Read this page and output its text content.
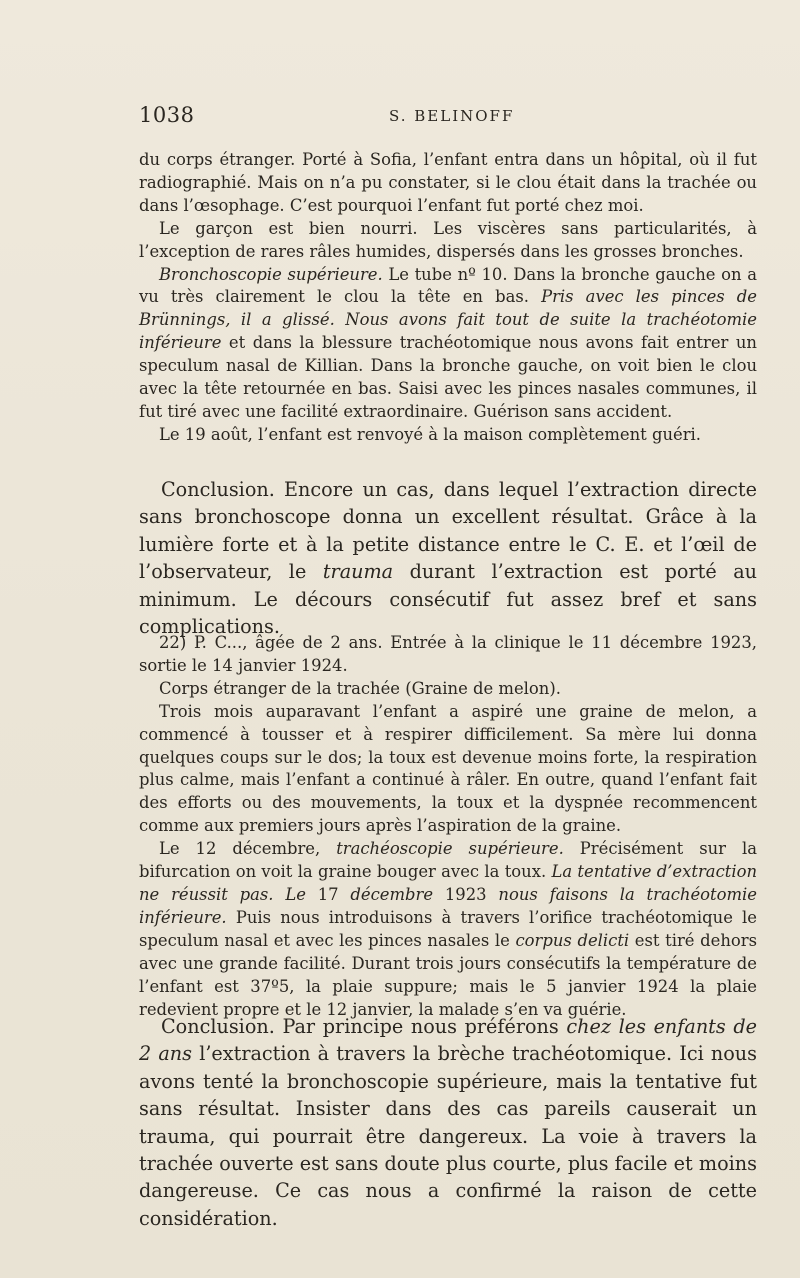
1038	S. BELINOFF

du corps étranger. Porté à Sofia, l’enfant entra dans un hôpital, où il fut radiographié. Mais on n’a pu constater, si le clou était dans la trachée ou dans l’œsophage. C’est pourquoi l’enfant fut porté chez moi.

Le garçon est bien nourri. Les viscères sans particularités, à l’exception de rares râles humides, dispersés dans les grosses bronches.

Bronchoscopie supérieure. Le tube nº 10. Dans la bronche gauche on a vu très clairement le clou la tête en bas. Pris avec les pinces de Brünnings, il a glissé. Nous avons fait tout de suite la trachéotomie inférieure et dans la blessure trachéotomique nous avons fait entrer un speculum nasal de Killian. Dans la bronche gauche, on voit bien le clou avec la tête retournée en bas. Saisi avec les pinces nasales communes, il fut tiré avec une facilité extraordinaire. Guérison sans accident.

Le 19 août, l’enfant est renvoyé à la maison complètement guéri.

Conclusion. Encore un cas, dans lequel l’extraction directe sans bronchoscope donna un excellent résultat. Grâce à la lumière forte et à la petite distance entre le C. E. et l’œil de l’observateur, le trauma durant l’extraction est porté au minimum. Le décours consécutif fut assez bref et sans complications.

22) P. C..., âgée de 2 ans. Entrée à la clinique le 11 décembre 1923, sortie le 14 janvier 1924.

Corps étranger de la trachée (Graine de melon).

Trois mois auparavant l’enfant a aspiré une graine de melon, a commencé à tousser et à respirer difficilement. Sa mère lui donna quelques coups sur le dos; la toux est devenue moins forte, la respiration plus calme, mais l’enfant a continué à râler. En outre, quand l’enfant fait des efforts ou des mouvements, la toux et la dyspnée recommencent comme aux premiers jours après l’aspiration de la graine.

Le 12 décembre, trachéoscopie supérieure. Précisément sur la bifurcation on voit la graine bouger avec la toux. La tentative d’extraction ne réussit pas. Le 17 décembre 1923 nous faisons la trachéotomie inférieure. Puis nous introduisons à travers l’orifice trachéotomique le speculum nasal et avec les pinces nasales le corpus delicti est tiré dehors avec une grande facilité. Durant trois jours consécutifs la température de l’enfant est 37º5, la plaie suppure; mais le 5 janvier 1924 la plaie redevient propre et le 12 janvier, la malade s’en va guérie.

Conclusion. Par principe nous préférons chez les enfants de 2 ans l’extraction à travers la brèche trachéotomique. Ici nous avons tenté la bronchoscopie supérieure, mais la tentative fut sans résultat. Insister dans des cas pareils causerait un trauma, qui pourrait être dangereux. La voie à travers la trachée ouverte est sans doute plus courte, plus facile et moins dangereuse. Ce cas nous a confirmé la raison de cette considération.
